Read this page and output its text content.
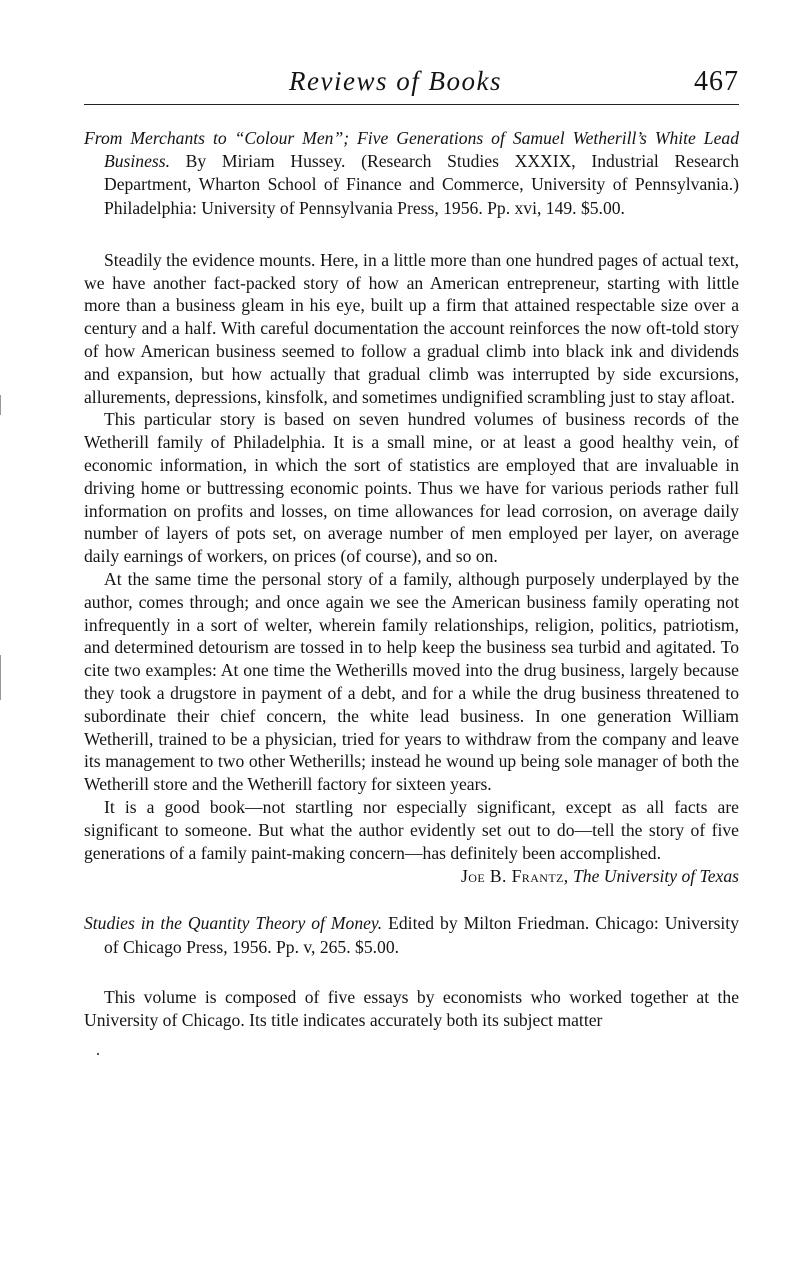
Reviews of Books	467
From Merchants to “Colour Men”; Five Generations of Samuel Wetherill’s White Lead Business. By Miriam Hussey. (Research Studies XXXIX, Industrial Research Department, Wharton School of Finance and Commerce, University of Pennsylvania.) Philadelphia: University of Pennsylvania Press, 1956. Pp. xvi, 149. $5.00.

Steadily the evidence mounts. Here, in a little more than one hundred pages of actual text, we have another fact-packed story of how an American entrepreneur, starting with little more than a business gleam in his eye, built up a firm that attained respectable size over a century and a half. With careful documentation the account reinforces the now oft-told story of how American business seemed to follow a gradual climb into black ink and dividends and expansion, but how actually that gradual climb was interrupted by side excursions, allurements, depressions, kinsfolk, and sometimes undignified scrambling just to stay afloat.

This particular story is based on seven hundred volumes of business records of the Wetherill family of Philadelphia. It is a small mine, or at least a good healthy vein, of economic information, in which the sort of statistics are employed that are invaluable in driving home or buttressing economic points. Thus we have for various periods rather full information on profits and losses, on time allowances for lead corrosion, on average daily number of layers of pots set, on average number of men employed per layer, on average daily earnings of workers, on prices (of course), and so on.

At the same time the personal story of a family, although purposely underplayed by the author, comes through; and once again we see the American business family operating not infrequently in a sort of welter, wherein family relationships, religion, politics, patriotism, and determined detourism are tossed in to help keep the business sea turbid and agitated. To cite two examples: At one time the Wetherills moved into the drug business, largely because they took a drugstore in payment of a debt, and for a while the drug business threatened to subordinate their chief concern, the white lead business. In one generation William Wetherill, trained to be a physician, tried for years to withdraw from the company and leave its management to two other Wetherills; instead he wound up being sole manager of both the Wetherill store and the Wetherill factory for sixteen years.

It is a good book—not startling nor especially significant, except as all facts are significant to someone. But what the author evidently set out to do—tell the story of five generations of a family paint-making concern—has definitely been accomplished.

Joe B. Frantz, The University of Texas
Studies in the Quantity Theory of Money. Edited by Milton Friedman. Chicago: University of Chicago Press, 1956. Pp. v, 265. $5.00.

This volume is composed of five essays by economists who worked together at the University of Chicago. Its title indicates accurately both its subject matter
